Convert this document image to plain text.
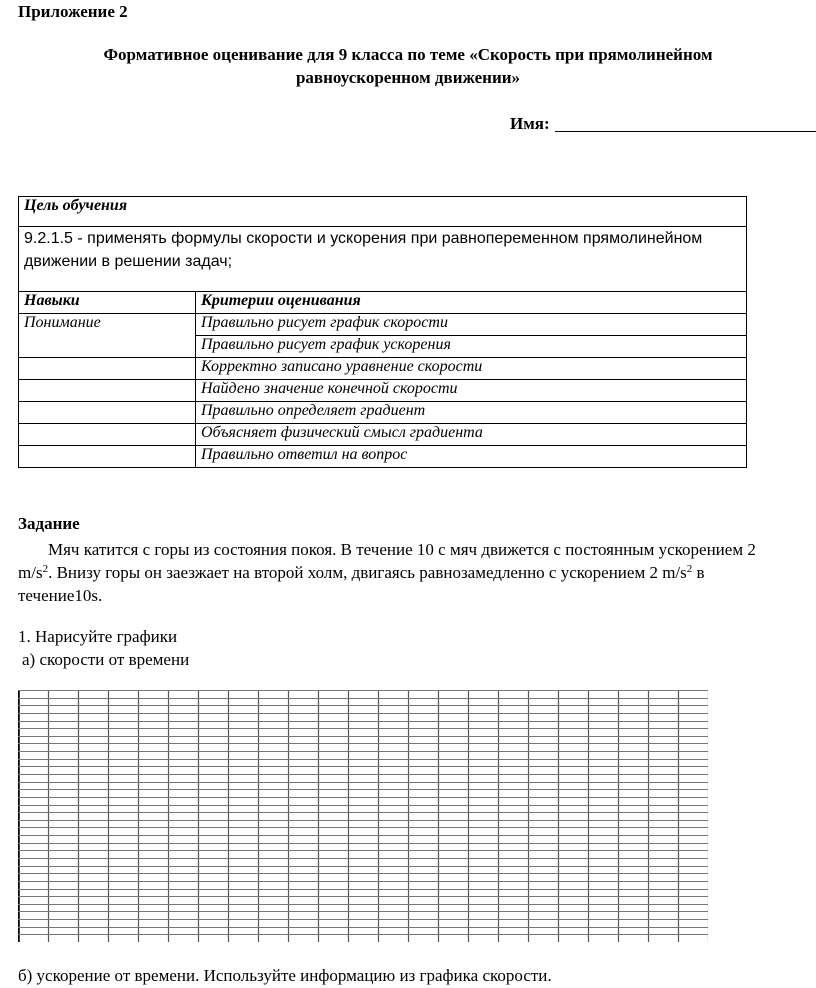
Приложение 2
Формативное оценивание для 9 класса по теме «Скорость при прямолинейном
равноускоренном движении»
Имя:
Цель обучения	
9.2.1.5 - применять формулы скорости и ускорения при равнопеременном прямолинейном движении в решении задач;	
Навыки	Критерии оценивания
Понимание	Правильно рисует график скорости
	Правильно рисует график ускорения
	Корректно записано уравнение скорости
	Найдено значение конечной скорости
	Правильно определяет градиент
	Объясняет физический смысл градиента
	Правильно ответил на вопрос
Задание
Мяч катится с горы из состояния покоя. В течение 10 с мяч движется с постоянным ускорением 2 $m/s^2$. Внизу горы он заезжает на второй холм, двигаясь равнозамедленно с ускорением 2 $m/s^2$ в течение10s.
1. Нарисуйте графики
а) скорости от времени
б) ускорение от времени. Используйте информацию из графика скорости.
